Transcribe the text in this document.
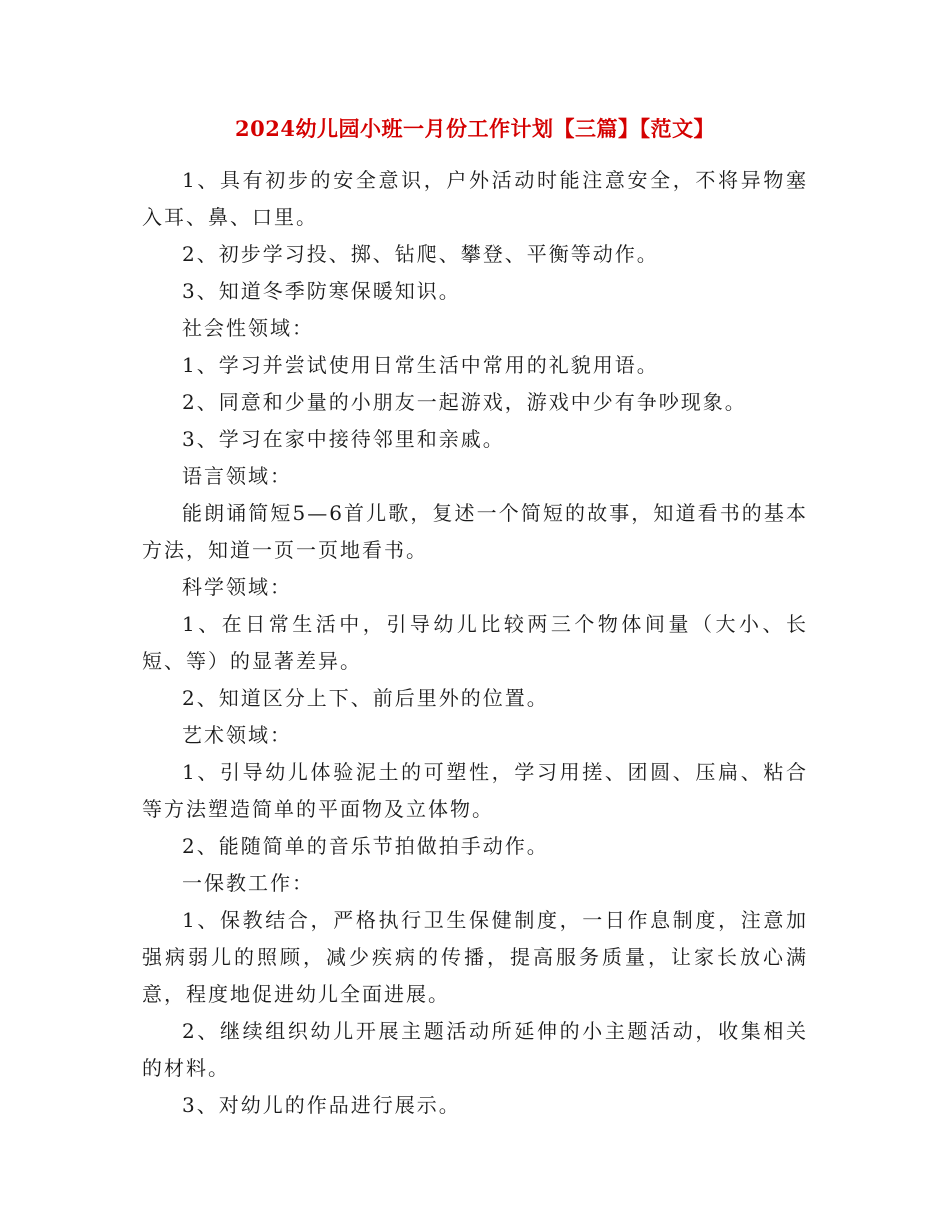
2024幼儿园小班一月份工作计划【三篇】【范文】

1、具有初步的安全意识，户外活动时能注意安全，不将异物塞入耳、鼻、口里。

2、初步学习投、掷、钻爬、攀登、平衡等动作。

3、知道冬季防寒保暖知识。

社会性领域：

1、学习并尝试使用日常生活中常用的礼貌用语。

2、同意和少量的小朋友一起游戏，游戏中少有争吵现象。

3、学习在家中接待邻里和亲戚。

语言领域：

能朗诵简短5—6首儿歌，复述一个简短的故事，知道看书的基本方法，知道一页一页地看书。

科学领域：

1、在日常生活中，引导幼儿比较两三个物体间量（大小、长短、等）的显著差异。

2、知道区分上下、前后里外的位置。

艺术领域：

1、引导幼儿体验泥土的可塑性，学习用搓、团圆、压扁、粘合等方法塑造简单的平面物及立体物。

2、能随简单的音乐节拍做拍手动作。

一保教工作：

1、保教结合，严格执行卫生保健制度，一日作息制度，注意加强病弱儿的照顾，减少疾病的传播，提高服务质量，让家长放心满意，程度地促进幼儿全面进展。

2、继续组织幼儿开展主题活动所延伸的小主题活动，收集相关的材料。

3、对幼儿的作品进行展示。
